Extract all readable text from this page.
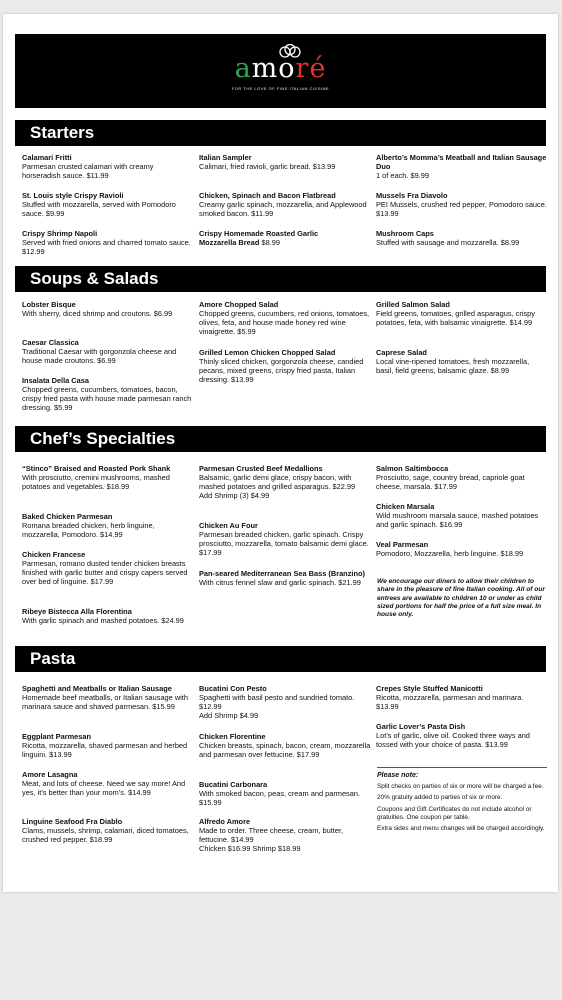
amoré
FOR THE LOVE OF FINE ITALIAN CUISINE
Starters
Calamari Fritti
Parmesan crusted calamari with creamy horseradish sauce. $11.99
St. Louis style Crispy Ravioli
Stuffed with mozzarella, served with Pomodoro sauce. $9.99
Crispy Shrimp Napoli
Served with fried onions and charred tomato sauce. $12.99
Italian Sampler
Calimari, fried ravioli, garlic bread. $13.99
Chicken, Spinach and Bacon Flatbread
Creamy garlic spinach, mozzarella, and Applewood smoked bacon. $11.99
Crispy Homemade Roasted Garlic Mozzarella Bread $8.99
Alberto’s Momma’s Meatball and Italian Sausage Duo
1 of each. $9.99
Mussels Fra Diavolo
PEI Mussels, crushed red pepper, Pomodoro sauce. $13.99
Mushroom Caps
Stuffed with sausage and mozzarella. $8.99
Soups & Salads
Lobster Bisque
With sherry, diced shrimp and croutons. $6.99
Caesar Classica
Traditional Caesar with gorgonzola cheese and house made croutons. $6.99
Insalata Della Casa
Chopped greens, cucumbers, tomatoes, bacon, crispy fried pasta with house made parmesan ranch dressing. $5.99
Amore Chopped Salad
Chopped greens, cucumbers, red onions, tomatoes, olives, feta, and house made honey red wine vinaigrette. $5.99
Grilled Lemon Chicken Chopped Salad
Thinly sliced chicken, gorgonzola cheese, candied pecans, mixed greens, crispy fried pasta, Italian dressing. $13.99
Grilled Salmon Salad
Field greens, tomatoes, grilled asparagus, crispy potatoes, feta, with balsamic vinaigrette. $14.99
Caprese Salad
Local vine-ripened tomatoes, fresh mozzarella, basil, field greens, balsamic glaze. $8.99
Chef’s Specialties
“Stinco” Braised and Roasted Pork Shank
With prosciutto, cremini mushrooms, mashed potatoes and vegetables. $18.99
Baked Chicken Parmesan
Romana breaded chicken, herb linguine, mozzarella, Pomodoro. $14.99
Chicken Francese
Parmesan, romano dusted tender chicken breasts finished with garlic butter and crispy capers served over bed of linguine. $17.99
Ribeye Bistecca Alla Florentina
With garlic spinach and mashed potatoes. $24.99
Parmesan Crusted Beef Medallions
Balsamic, garlic demi glace, crispy bacon, with mashed potatoes and grilled asparagus. $22.99
Add Shrimp (3) $4.99
Chicken Au Four
Parmesan breaded chicken, garlic spinach. Crispy prosciutto, mozzarella, tomato balsamic demi glace. $17.99
Pan-seared Mediterranean Sea Bass (Branzino)
With citrus fennel slaw and garlic spinach. $21.99
Salmon Saltimbocca
Prosciutto, sage, country bread, capriole goat cheese, marsala. $17.99
Chicken Marsala
Wild mushroom marsala sauce, mashed potatoes and garlic spinach. $16.99
Veal Parmesan
Pomodoro, Mozzarella, herb linguine. $18.99
We encourage our diners to allow their children to share in the pleasure of fine Italian cooking. All of our entrees are available to children 10 or under as child sized portions for half the price of a full size meal. In house only.
Pasta
Spaghetti and Meatballs or Italian Sausage
Homemade beef meatballs, or Italian sausage with marinara sauce and shaved parmesan. $15.99
Eggplant Parmesan
Ricotta, mozzarella, shaved parmesan and herbed linguini. $13.99
Amore Lasagna
Meat, and lots of cheese. Need we say more! And yes, it’s better than your mom’s. $14.99
Linguine Seafood Fra Diablo
Clams, mussels, shrimp, calamari, diced tomatoes, crushed red pepper. $18.99
Bucatini Con Pesto
Spaghetti with basil pesto and sundried tomato. $12.99
Add Shrimp $4.99
Chicken Florentine
Chicken breasts, spinach, bacon, cream, mozzarella and parmesan over fettucine. $17.99
Bucatini Carbonara
With smoked bacon, peas, cream and parmesan. $15.99
Alfredo Amore
Made to order. Three cheese, cream, butter, fettucine. $14.99
Chicken $16.99 Shrimp $18.99
Crepes Style Stuffed Manicotti
Ricotta, mozzarella, parmesan and marinara. $13.99
Garlic Lover’s Pasta Dish
Lot’s of garlic, olive oil. Cooked three ways and tossed with your choice of pasta. $13.99
Please note:
Split checks on parties of six or more will be charged a fee.
20% gratuity added to parties of six or more.
Coupons and Gift Certificates do not include alcohol or gratuities. One coupon per table.
Extra sides and menu changes will be charged accordingly.
